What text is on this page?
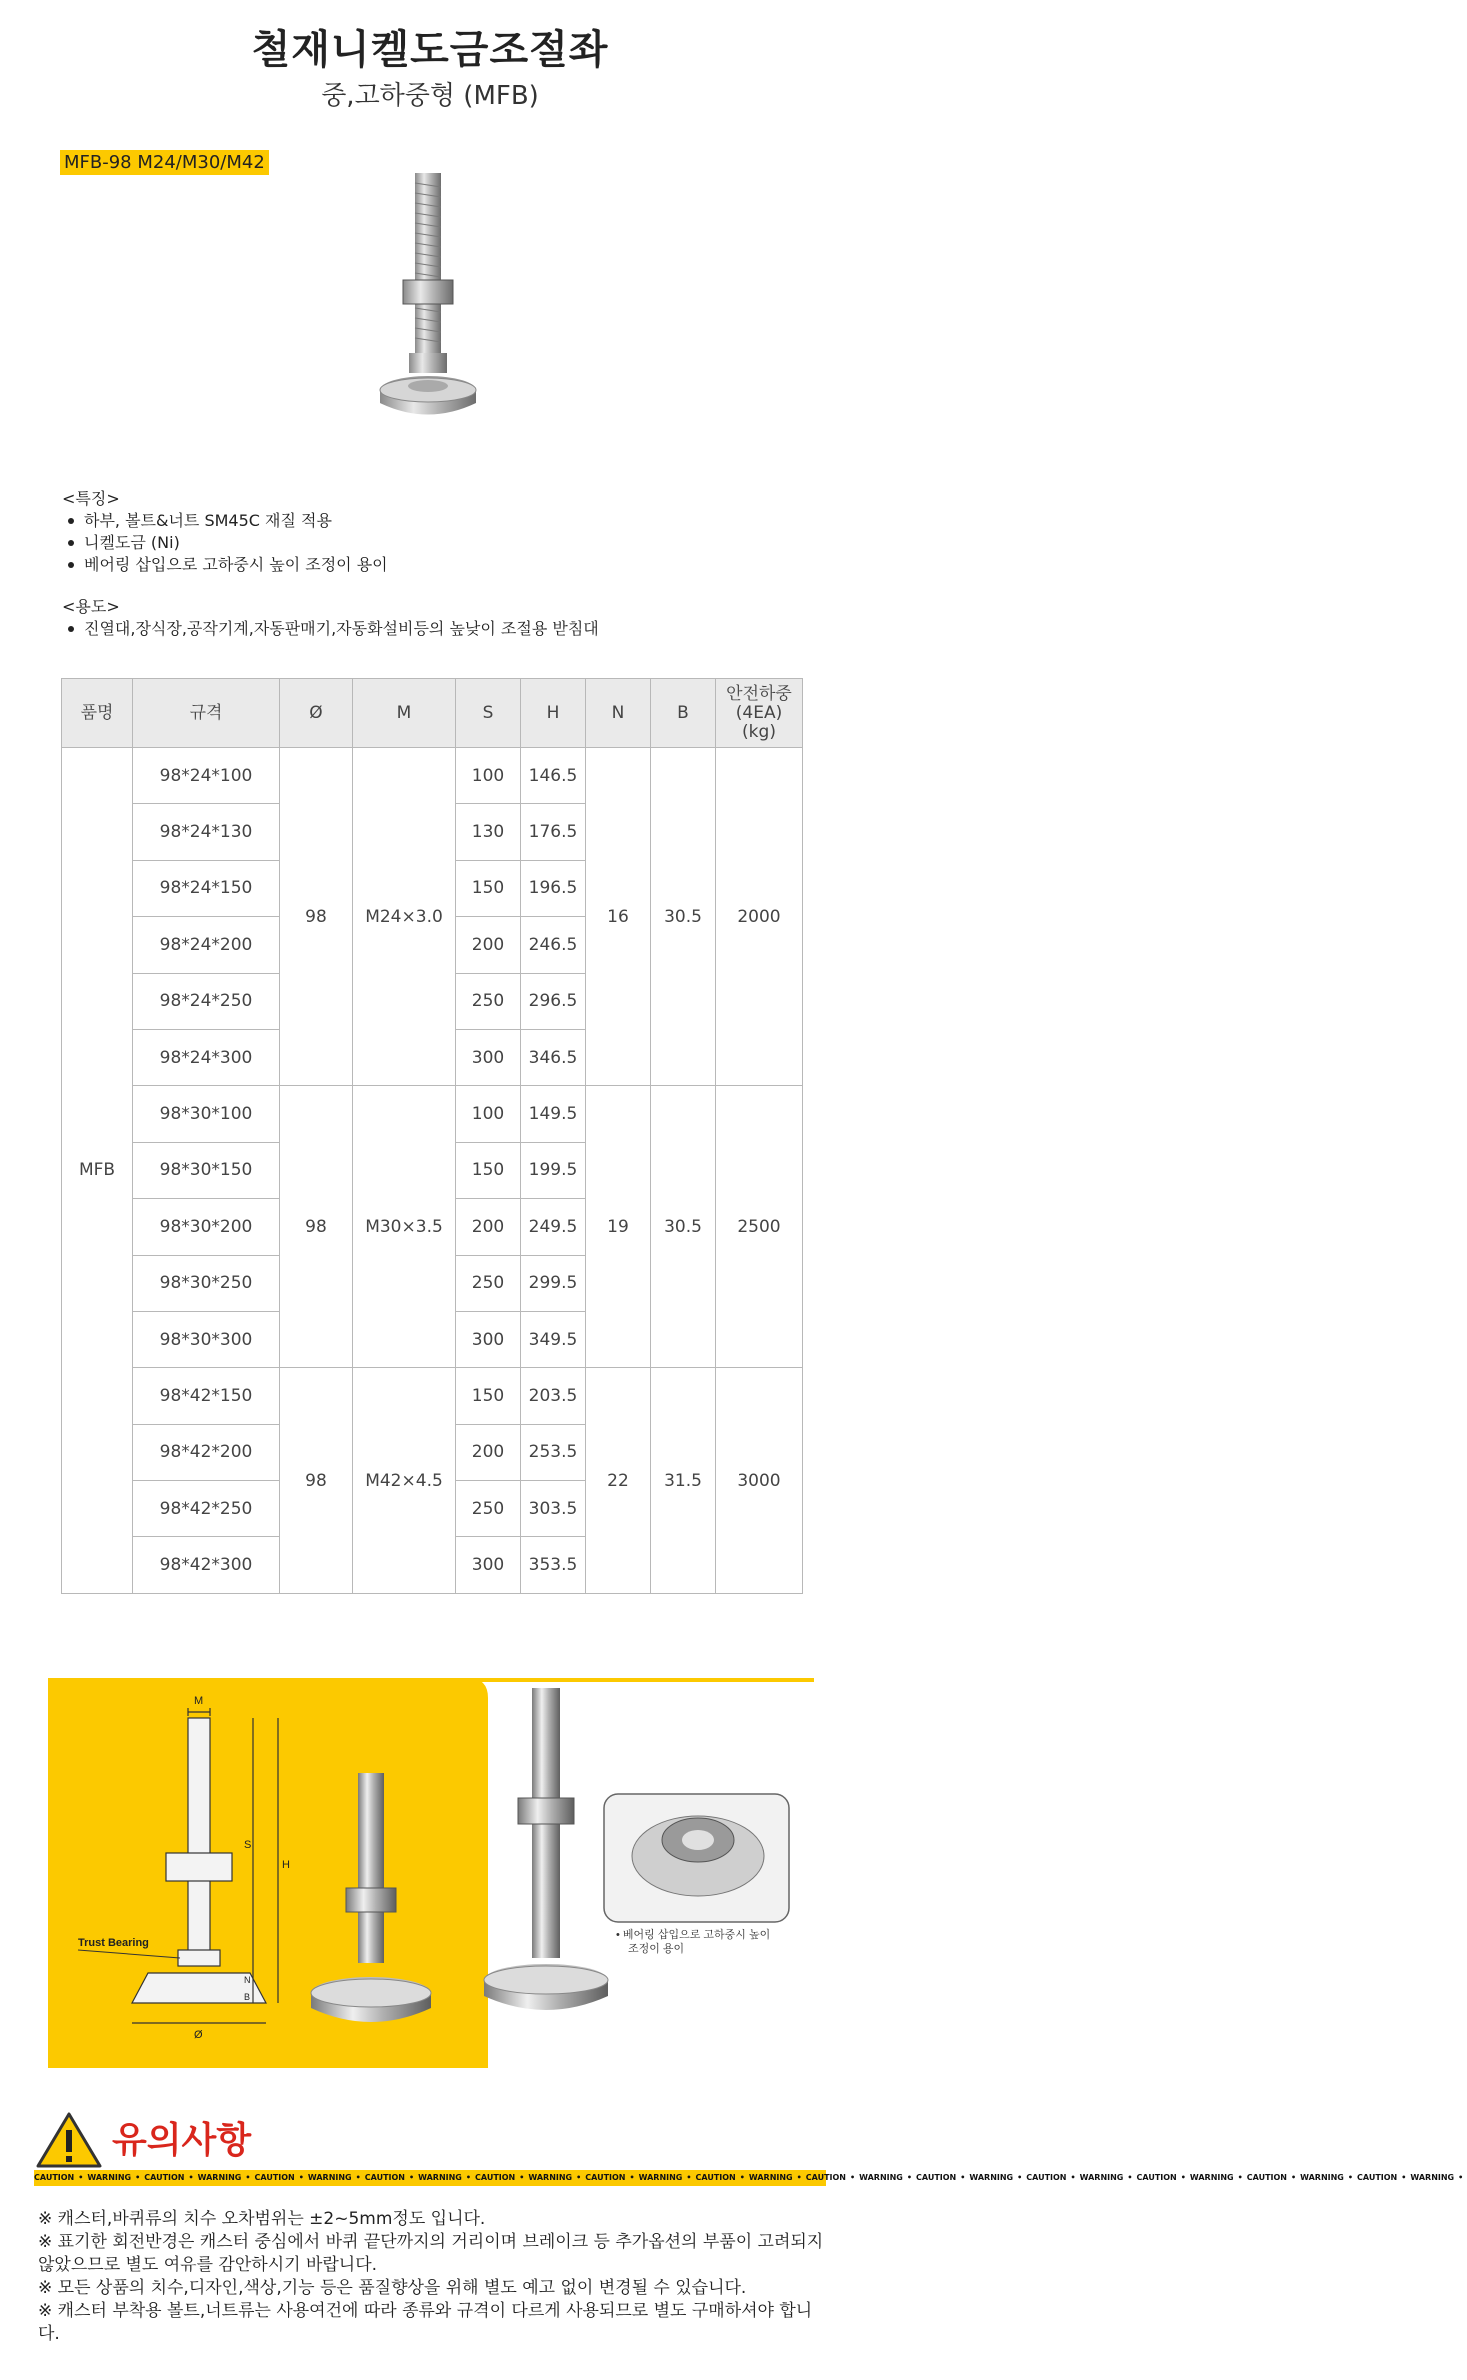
철재니켈도금조절좌
중,고하중형 (MFB)
MFB-98 M24/M30/M42
<특징>
하부, 볼트&너트 SM45C 재질 적용
니켈도금 (Ni)
베어링 삽입으로 고하중시 높이 조정이 용이
<용도>
진열대,장식장,공작기계,자동판매기,자동화설비등의 높낮이 조절용 받침대
품명	규격	Ø	M	S	H	N	B	안전하중
(4EA)
(kg)
MFB	98*24*100	98	M24×3.0	100	146.5	16	30.5	2000
	98*24*130			130	176.5			
	98*24*150			150	196.5			
	98*24*200			200	246.5			
	98*24*250			250	296.5			
	98*24*300			300	346.5			
	98*30*100	98	M30×3.5	100	149.5	19	30.5	2500
	98*30*150			150	199.5			
	98*30*200			200	249.5			
	98*30*250			250	299.5			
	98*30*300			300	349.5			
	98*42*150	98	M42×4.5	150	203.5	22	31.5	3000
	98*42*200			200	253.5			
	98*42*250			250	303.5			
	98*42*300			300	353.5			
M
S
H
N
B
Ø
Trust Bearing
• 베어링 삽입으로 고하중시 높이
조정이 용이
유의사항
CAUTION • WARNING • CAUTION • WARNING • CAUTION • WARNING • CAUTION • WARNING • CAUTION • WARNING • CAUTION • WARNING • CAUTION • WARNING • CAUTION • WARNING • CAUTION • WARNING • CAUTION • WARNING • CAUTION • WARNING • CAUTION • WARNING • CAUTION • WARNING •

※ 캐스터,바퀴류의 치수 오차범위는 ±2~5mm정도 입니다.

※ 표기한 회전반경은 캐스터 중심에서 바퀴 끝단까지의 거리이며 브레이크 등 추가옵션의 부품이 고려되지 않았으므로 별도 여유를 감안하시기 바랍니다.

※ 모든 상품의 치수,디자인,색상,기능 등은 품질향상을 위해 별도 예고 없이 변경될 수 있습니다.

※ 캐스터 부착용 볼트,너트류는 사용여건에 따라 종류와 규격이 다르게 사용되므로 별도 구매하셔야 합니다.
